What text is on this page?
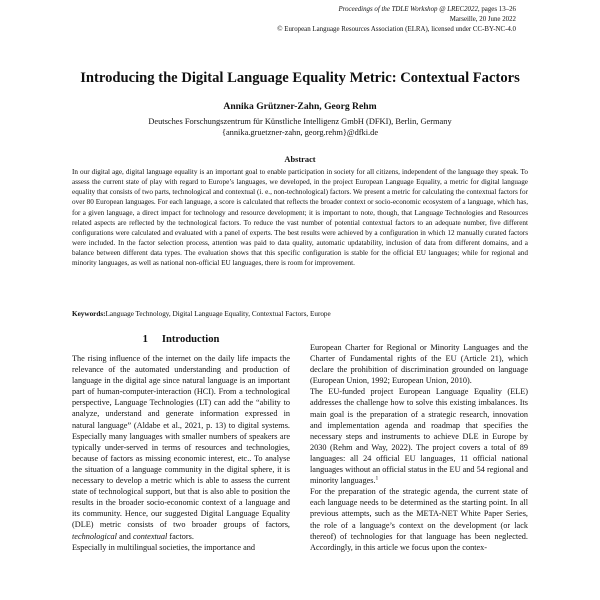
Proceedings of the TDLE Workshop @ LREC2022, pages 13–26
Marseille, 20 June 2022
© European Language Resources Association (ELRA), licensed under CC-BY-NC-4.0
Introducing the Digital Language Equality Metric: Contextual Factors
Annika Grützner-Zahn, Georg Rehm
Deutsches Forschungszentrum für Künstliche Intelligenz GmbH (DFKI), Berlin, Germany
{annika.gruetzner-zahn, georg.rehm}@dfki.de
Abstract

In our digital age, digital language equality is an important goal to enable participation in society for all citizens, independent of the language they speak. To assess the current state of play with regard to Europe’s languages, we developed, in the project European Language Equality, a metric for digital language equality that consists of two parts, technological and contextual (i. e., non-technological) factors. We present a metric for calculating the contextual factors for over 80 European languages. For each language, a score is calculated that reflects the broader context or socio-economic ecosystem of a language, which has, for a given language, a direct impact for technology and resource development; it is important to note, though, that Language Technologies and Resources related aspects are reflected by the technological factors. To reduce the vast number of potential contextual factors to an adequate number, five different configurations were calculated and evaluated with a panel of experts. The best results were achieved by a configuration in which 12 manually curated factors were included. In the factor selection process, attention was paid to data quality, automatic updatability, inclusion of data from different domains, and a balance between different data types. The evaluation shows that this specific configuration is stable for the official EU languages; while for regional and minority languages, as well as national non-official EU languages, there is room for improvement.

Keywords:Language Technology, Digital Language Equality, Contextual Factors, Europe
1 Introduction

The rising influence of the internet on the daily life impacts the relevance of the automated understanding and production of language in the digital age since natural language is an important part of human-computer-interaction (HCI). From a technological perspective, Language Technologies (LT) can add the “ability to analyze, understand and generate information expressed in natural language” (Aldabe et al., 2021, p. 13) to digital systems. Especially many languages with smaller numbers of speakers are typically under-served in terms of resources and technologies, because of factors as missing economic interest, etc.. To analyse the situation of a language community in the digital sphere, it is necessary to develop a metric which is able to assess the current state of technological support, but that is also able to position the results in the broader socio-economic context of a language and its community. Hence, our suggested Digital Language Equality (DLE) metric consists of two broader groups of factors, technological and contextual factors.

Especially in multilingual societies, the importance and

European Charter for Regional or Minority Languages and the Charter of Fundamental rights of the EU (Article 21), which declare the prohibition of discrimination grounded on language (European Union, 1992; European Union, 2010).

The EU-funded project European Language Equality (ELE) addresses the challenge how to solve this existing imbalances. Its main goal is the preparation of a strategic research, innovation and implementation agenda and roadmap that specifies the necessary steps and instruments to achieve DLE in Europe by 2030 (Rehm and Way, 2022). The project covers a total of 89 languages: all 24 official EU languages, 11 official national languages without an official status in the EU and 54 regional and minority languages.$^1$

For the preparation of the strategic agenda, the current state of each language needs to be determined as the starting point. In all previous attempts, such as the META-NET White Paper Series, the role of a language’s context on the development (or lack thereof) of technologies for that language has been neglected. Accordingly, in this article we focus upon the contex-
